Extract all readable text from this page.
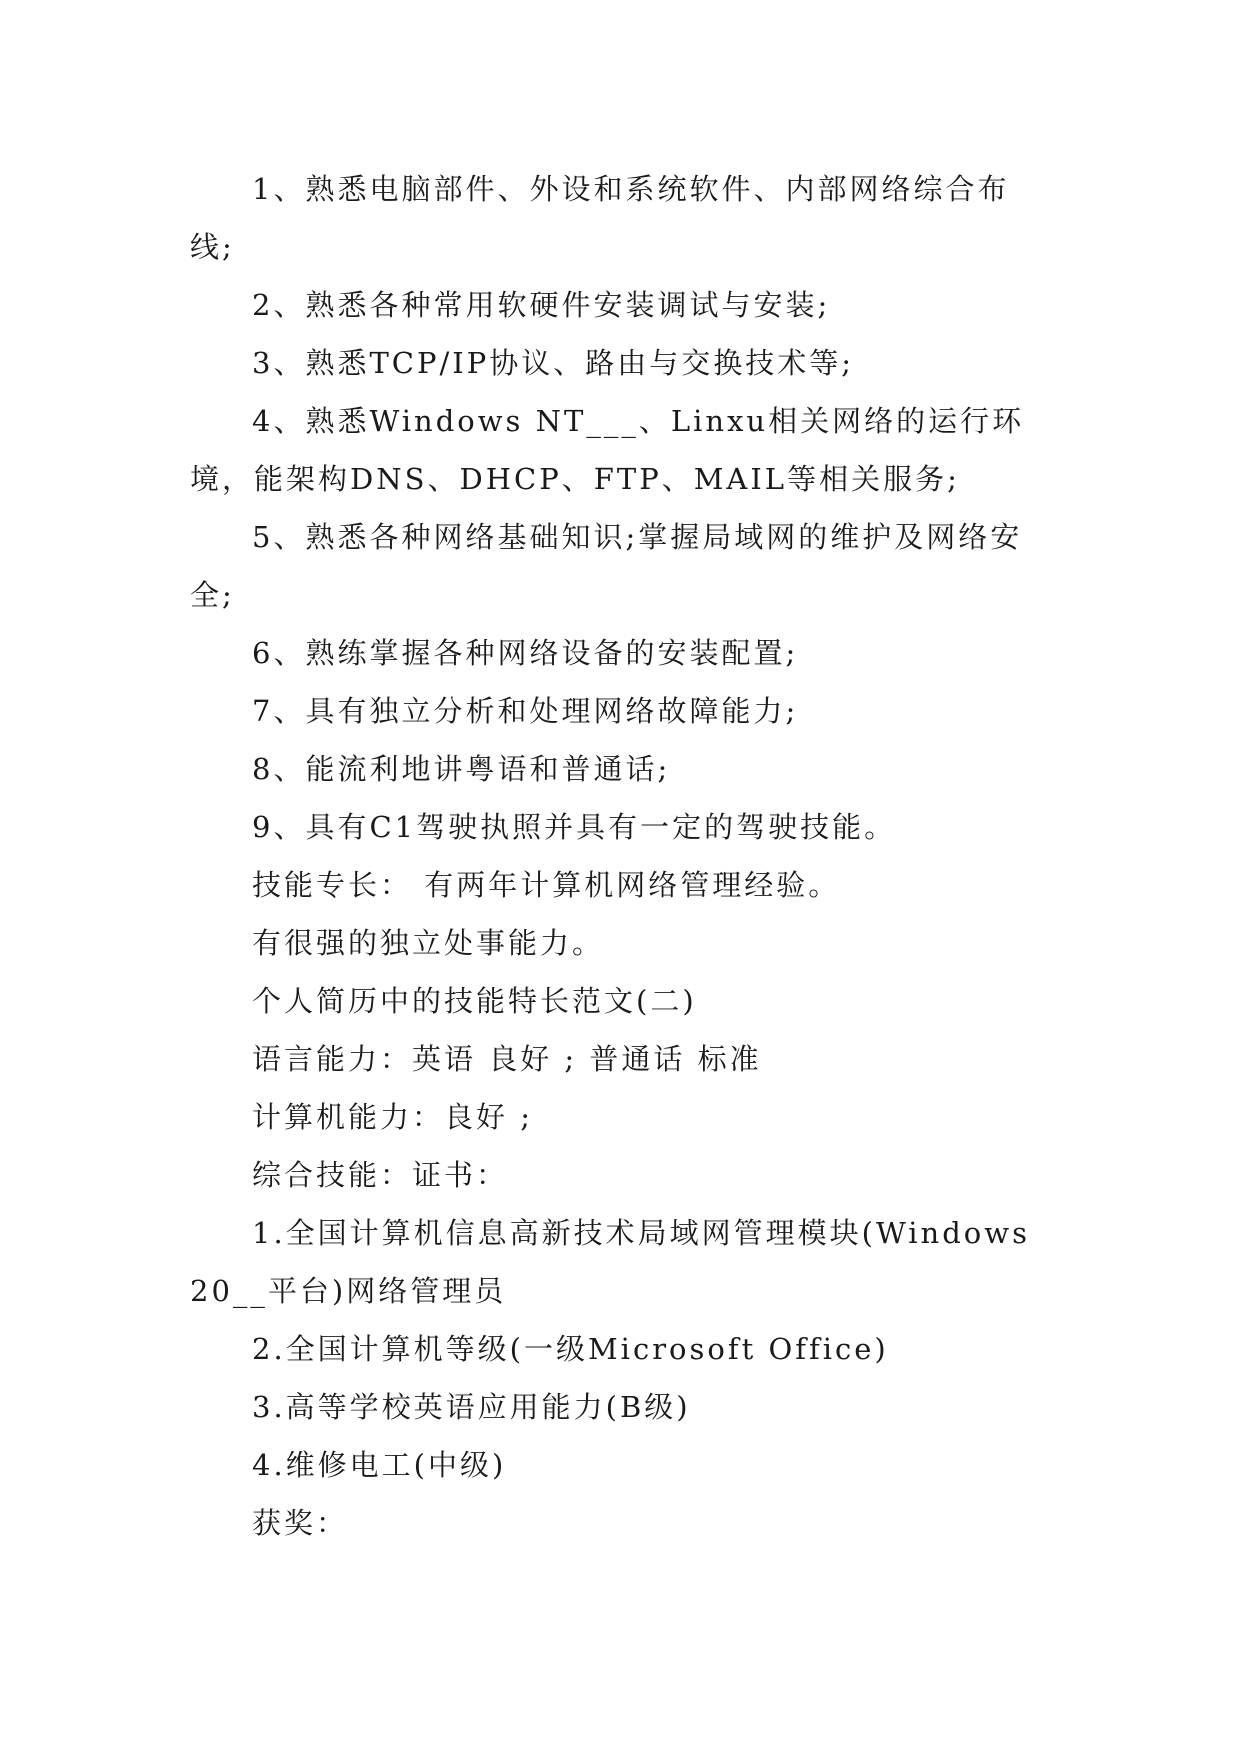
1、熟悉电脑部件、外设和系统软件、内部网络综合布线;

2、熟悉各种常用软硬件安装调试与安装;

3、熟悉TCP/IP协议、路由与交换技术等;

4、熟悉Windows NT___、Linxu相关网络的运行环境，能架构DNS、DHCP、FTP、MAIL等相关服务;

5、熟悉各种网络基础知识;掌握局域网的维护及网络安全;

6、熟练掌握各种网络设备的安装配置;

7、具有独立分析和处理网络故障能力;

8、能流利地讲粤语和普通话;

9、具有C1驾驶执照并具有一定的驾驶技能。

技能专长： 有两年计算机网络管理经验。

有很强的独立处事能力。

个人简历中的技能特长范文(二)

语言能力：英语 良好 ; 普通话 标准

计算机能力：良好 ;

综合技能：证书：

1.全国计算机信息高新技术局域网管理模块(Windows 20__平台)网络管理员

2.全国计算机等级(一级Microsoft Office)

3.高等学校英语应用能力(B级)

4.维修电工(中级)

获奖：
